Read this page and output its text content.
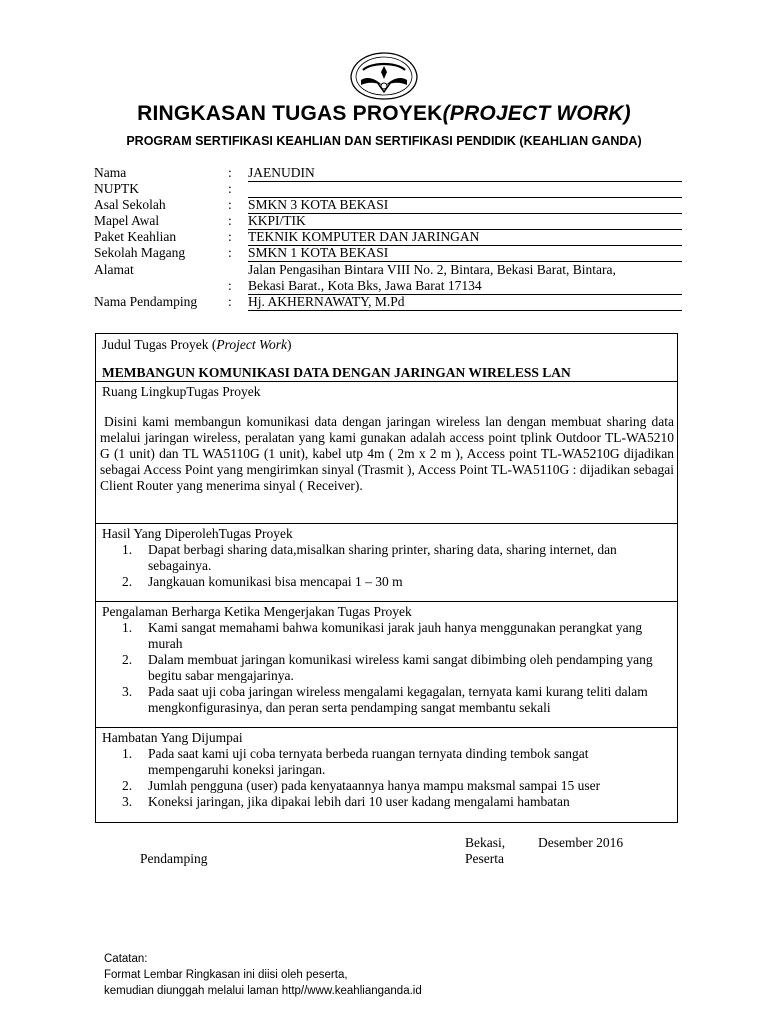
RINGKASAN TUGAS PROYEK(PROJECT WORK)
PROGRAM SERTIFIKASI KEAHLIAN DAN SERTIFIKASI PENDIDIK (KEAHLIAN GANDA)
Nama	: JAENUDIN
NUPTK	:
Asal Sekolah	: SMKN 3 KOTA BEKASI
Mapel Awal	: KKPI/TIK
Paket Keahlian	: TEKNIK KOMPUTER DAN JARINGAN
Sekolah Magang	: SMKN 1 KOTA BEKASI
Alamat	Jalan Pengasihan Bintara VIII No. 2, Bintara, Bekasi Barat, Bintara,
: Bekasi Barat., Kota Bks, Jawa Barat 17134
Nama Pendamping : Hj. AKHERNAWATY, M.Pd
Judul Tugas Proyek (Project Work)
MEMBANGUN KOMUNIKASI DATA DENGAN JARINGAN WIRELESS LAN
Ruang LingkupTugas Proyek
Disini kami membangun komunikasi data dengan jaringan wireless lan dengan membuat sharing data melalui jaringan wireless, peralatan yang kami gunakan adalah access point tplink Outdoor TL-WA5210 G (1 unit) dan TL WA5110G (1 unit), kabel utp 4m ( 2m x 2 m ), Access point TL-WA5210G dijadikan sebagai Access Point yang mengirimkan sinyal (Trasmit ), Access Point TL-WA5110G : dijadikan sebagai Client Router yang menerima sinyal ( Receiver).
Hasil Yang DiperolehTugas Proyek
1. Dapat berbagi sharing data,misalkan sharing printer, sharing data, sharing internet, dan sebagainya.
2. Jangkauan komunikasi bisa mencapai 1 – 30 m
Pengalaman Berharga Ketika Mengerjakan Tugas Proyek
1. Kami sangat memahami bahwa komunikasi jarak jauh hanya menggunakan perangkat yang murah
2. Dalam membuat jaringan komunikasi wireless kami sangat dibimbing oleh pendamping yang begitu sabar mengajarinya.
3. Pada saat uji coba jaringan wireless mengalami kegagalan, ternyata kami kurang teliti dalam mengkonfigurasinya, dan peran serta pendamping sangat membantu sekali
Hambatan Yang Dijumpai
1. Pada saat kami uji coba ternyata berbeda ruangan ternyata dinding tembok sangat mempengaruhi koneksi jaringan.
2. Jumlah pengguna (user) pada kenyataannya hanya mampu maksmal sampai 15 user
3. Koneksi jaringan, jika dipakai lebih dari 10 user kadang mengalami hambatan
Bekasi, Desember 2016
Peserta
Pendamping
Catatan:
Format Lembar Ringkasan ini diisi oleh peserta,
kemudian diunggah melalui laman http//www.keahlianganda.id
